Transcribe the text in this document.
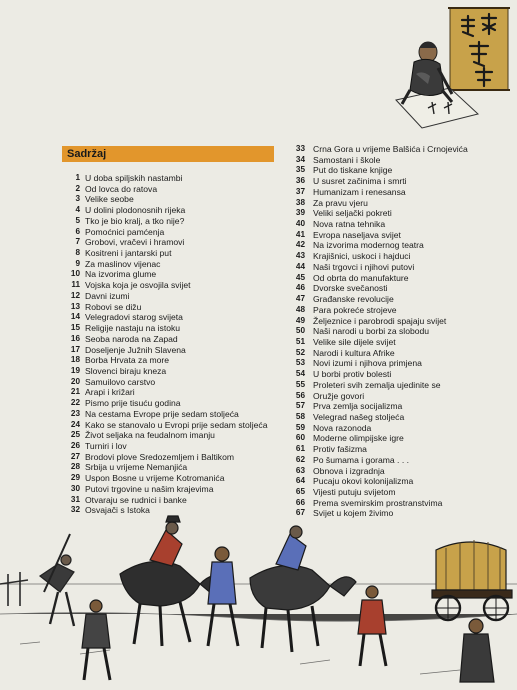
Sadržaj
1 U doba spiljskih nastambi
2 Od lovca do ratova
3 Velike seobe
4 U dolini plodonosnih rijeka
5 Tko je bio kralj, a tko nije?
6 Pomoćnici pamćenja
7 Grobovi, vračevi i hramovi
8 Kositreni i jantarski put
9 Za maslinov vijenac
10 Na izvorima glume
11 Vojska koja je osvojila svijet
12 Davni izumi
13 Robovi se dižu
14 Velegradovi starog svijeta
15 Religije nastaju na istoku
16 Seoba naroda na Zapad
17 Doseljenje Južnih Slavena
18 Borba Hrvata za more
19 Slovenci biraju kneza
20 Samuilovo carstvo
21 Arapi i križari
22 Pismo prije tisuću godina
23 Na cestama Evrope prije sedam stoljeća
24 Kako se stanovalo u Evropi prije sedam stoljeća
25 Život seljaka na feudalnom imanju
26 Turniri i lov
27 Brodovi plove Sredozemljem i Baltikom
28 Srbija u vrijeme Nemanjića
29 Uspon Bosne u vrijeme Kotromanića
30 Putovi trgovine u našim krajevima
31 Otvaraju se rudnici i banke
32 Osvajači s Istoka
33 Crna Gora u vrijeme Balšića i Crnojevića
34 Samostani i škole
35 Put do tiskane knjige
36 U susret začinima i smrti
37 Humanizam i renesansa
38 Za pravu vjeru
39 Veliki seljački pokreti
40 Nova ratna tehnika
41 Evropa naseljava svijet
42 Na izvorima modernog teatra
43 Krajišnici, uskoci i hajduci
44 Naši trgovci i njihovi putovi
45 Od obrta do manufakture
46 Dvorske svečanosti
47 Građanske revolucije
48 Para pokreće strojeve
49 Željeznice i parobrodi spajaju svijet
50 Naši narodi u borbi za slobodu
51 Velike sile dijele svijet
52 Narodi i kultura Afrike
53 Novi izumi i njihova primjena
54 U borbi protiv bolesti
55 Proleteri svih zemalja ujedinite se
56 Oružje govori
57 Prva zemlja socijalizma
58 Velegrad našeg stoljeća
59 Nova razonoda
60 Moderne olimpijske igre
61 Protiv fašizma
62 Po šumama i gorama . . .
63 Obnova i izgradnja
64 Pucaju okovi kolonijalizma
65 Vijesti putuju svijetom
66 Prema svemirskim prostranstvima
67 Svijet u kojem živimo
